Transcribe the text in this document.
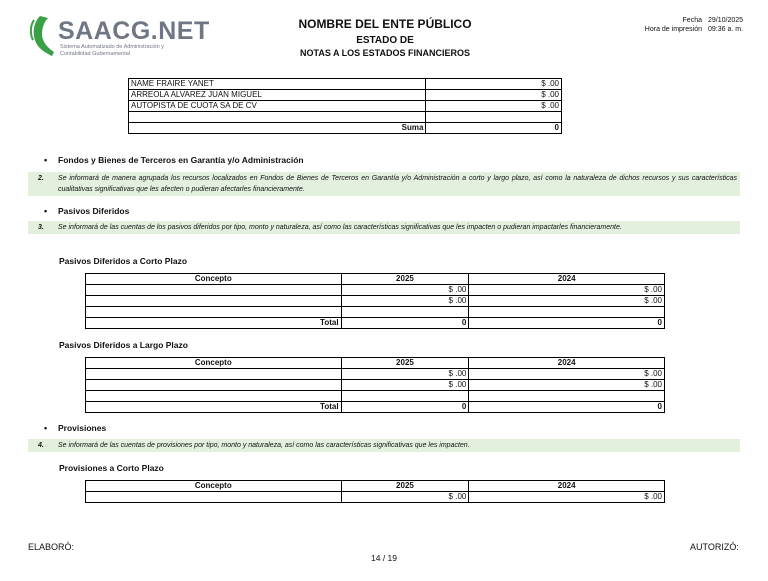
SAACG.NET
Sistema Automatizado de Administración y
Contabilidad Gubernamental
NOMBRE DEL ENTE PÚBLICO
ESTADO DE
NOTAS A LOS ESTADOS FINANCIEROS
Fecha 29/10/2025
Hora de impresión 09:36 a. m.
NAME FRAIRE YANET	$ .00
ARREOLA ALVAREZ JUAN MIGUEL	$ .00
AUTOPISTA DE CUOTA SA DE CV	$ .00

Suma	0
• Fondos y Bienes de Terceros en Garantía y/o Administración
2. Se informará de manera agrupada los recursos localizados en Fondos de Bienes de Terceros en Garantía y/o Administración a corto y largo plazo, así como la naturaleza de dichos recursos y sus características cualitativas significativas que les afecten o pudieran afectarles financieramente.
• Pasivos Diferidos
3. Se informará de las cuentas de los pasivos diferidos por tipo, monto y naturaleza, así como las características significativas que les impacten o pudieran impactarles financieramente.
Pasivos Diferidos a Corto Plazo
Concepto	2025	2024
	$ .00	$ .00
	$ .00	$ .00

Total	0	0
Pasivos Diferidos a Largo Plazo
Concepto	2025	2024
	$ .00	$ .00
	$ .00	$ .00

Total	0	0
• Provisiones
4. Se informará de las cuentas de provisiones por tipo, monto y naturaleza, así como las características significativas que les impacten.
Provisiones a Corto Plazo
Concepto	2025	2024
	$ .00	$ .00
ELABORÓ:	AUTORIZÓ:
14 / 19
